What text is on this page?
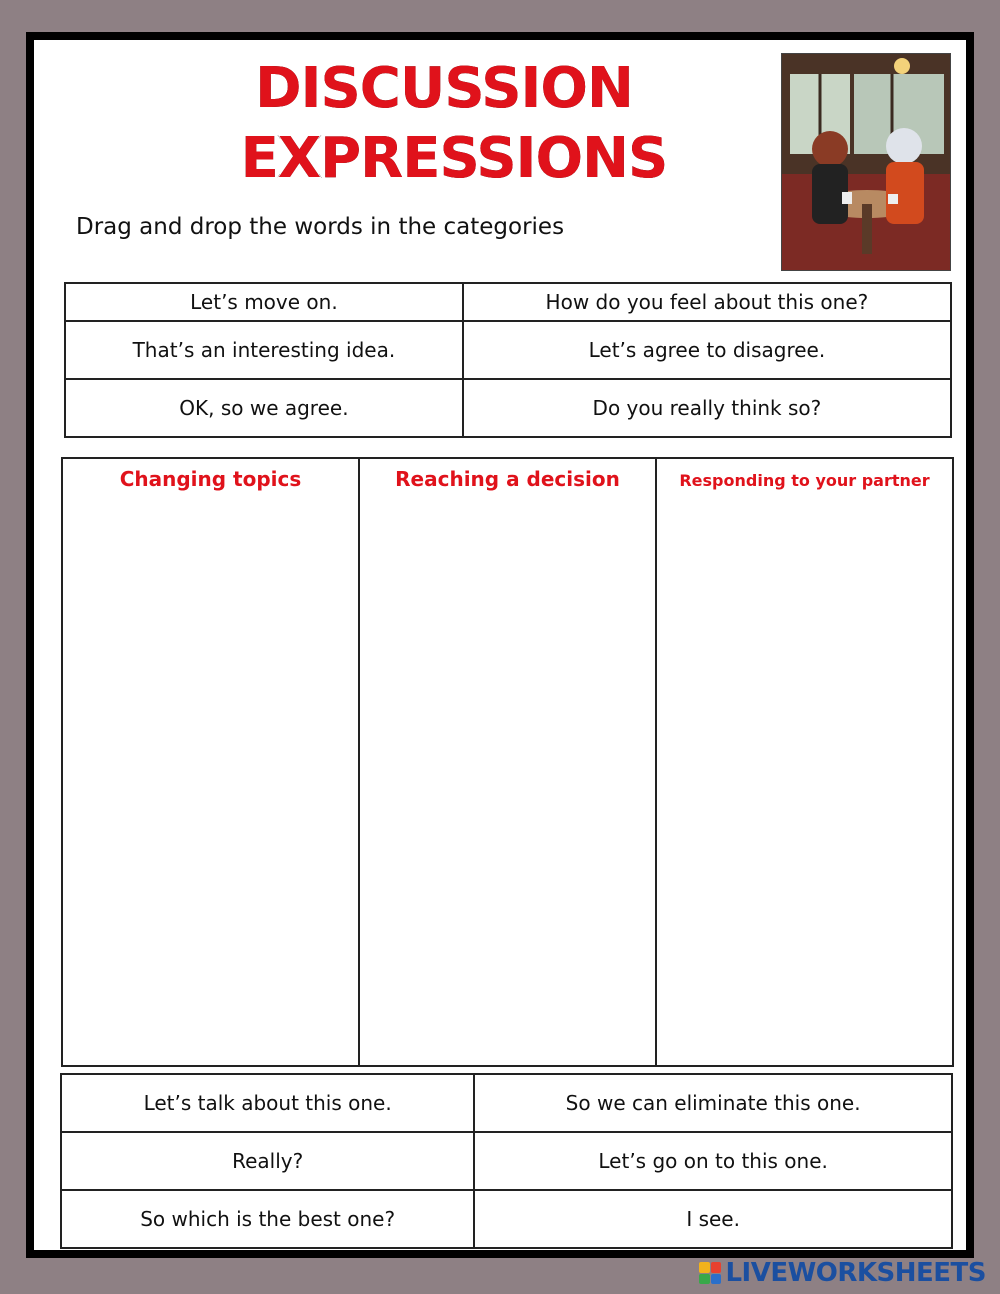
DISCUSSION
EXPRESSIONS
Drag and drop the words in the categories
Let’s move on.	How do you feel about this one?
That’s an interesting idea.	Let’s agree to disagree.
OK, so we agree.	Do you really think so?
Changing topics	Reaching a decision	Responding to your partner
Let’s talk about this one.	So we can eliminate this one.
Really?	Let’s go on to this one.
So which is the best one?	I see.
LIVEWORKSHEETS
